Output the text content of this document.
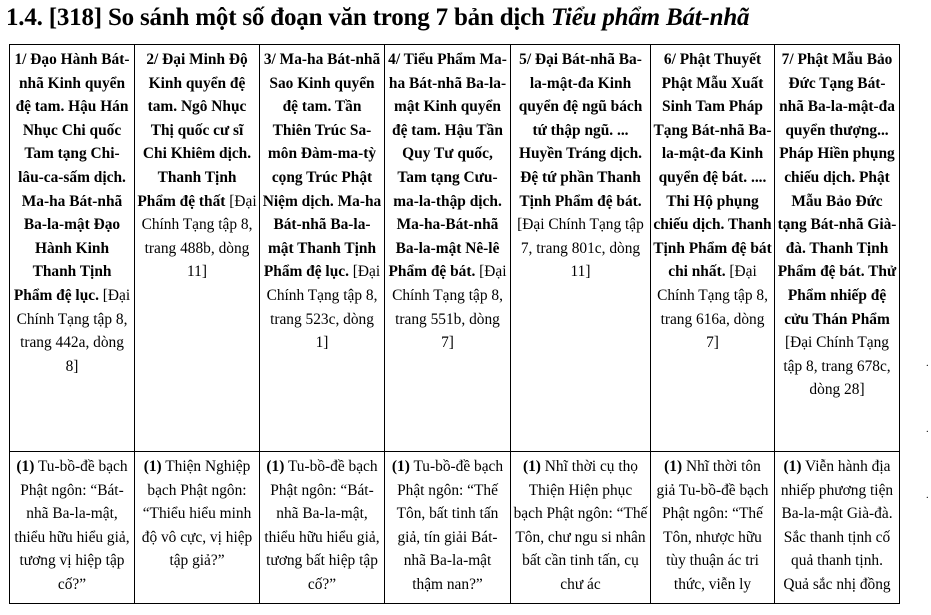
1.4. [318] So sánh một số đoạn văn trong 7 bản dịch Tiểu phẩm Bát-nhã
1/ Đạo Hành Bát-nhã Kinh quyển đệ tam. Hậu Hán Nhục Chi quốc Tam tạng Chi-lâu-ca-sấm dịch. Ma-ha Bát-nhã Ba-la-mật Đạo Hành Kinh Thanh Tịnh Phẩm đệ lục. [Đại Chính Tạng tập 8, trang 442a, dòng 8]	2/ Đại Minh Độ Kinh quyển đệ tam. Ngô Nhục Thị quốc cư sĩ Chi Khiêm dịch. Thanh Tịnh Phẩm đệ thất [Đại Chính Tạng tập 8, trang 488b, dòng 11]	3/ Ma-ha Bát-nhã Sao Kinh quyển đệ tam. Tần Thiên Trúc Sa-môn Đàm-ma-tỳ cọng Trúc Phật Niệm dịch. Ma-ha Bát-nhã Ba-la-mật Thanh Tịnh Phẩm đệ lục. [Đại Chính Tạng tập 8, trang 523c, dòng 1]	4/ Tiểu Phẩm Ma-ha Bát-nhã Ba-la-mật Kinh quyển đệ tam. Hậu Tần Quy Tư quốc, Tam tạng Cưu-ma-la-thập dịch. Ma-ha-Bát-nhã Ba-la-mật Nê-lê Phẩm đệ bát. [Đại Chính Tạng tập 8, trang 551b, dòng 7]	5/ Đại Bát-nhã Ba-la-mật-đa Kinh quyển đệ ngũ bách tứ thập ngũ. ... Huyền Tráng dịch. Đệ tứ phần Thanh Tịnh Phẩm đệ bát. [Đại Chính Tạng tập 7, trang 801c, dòng 11]	6/ Phật Thuyết Phật Mẫu Xuất Sinh Tam Pháp Tạng Bát-nhã Ba-la-mật-đa Kinh quyển đệ bát. .... Thi Hộ phụng chiếu dịch. Thanh Tịnh Phẩm đệ bát chi nhất. [Đại Chính Tạng tập 8, trang 616a, dòng 7]	7/ Phật Mẫu Bảo Đức Tạng Bát-nhã Ba-la-mật-đa quyển thượng... Pháp Hiền phụng chiếu dịch. Phật Mẫu Bảo Đức tạng Bát-nhã Già-đà. Thanh Tịnh Phẩm đệ bát. Thử Phẩm nhiếp đệ cửu Thán Phẩm [Đại Chính Tạng tập 8, trang 678c, dòng 28]
(1) Tu-bồ-đề bạch Phật ngôn: “Bát-nhã Ba-la-mật, thiểu hữu hiểu giả, tương vị hiệp tập cố?”	(1) Thiện Nghiệp bạch Phật ngôn: “Thiểu hiểu minh độ vô cực, vị hiệp tập giả?”	(1) Tu-bồ-đề bạch Phật ngôn: “Bát-nhã Ba-la-mật, thiểu hữu hiểu giả, tương bất hiệp tập cố?”	(1) Tu-bồ-đề bạch Phật ngôn: “Thế Tôn, bất tinh tấn giả, tín giải Bát-nhã Ba-la-mật thậm nan?”	(1) Nhĩ thời cụ thọ Thiện Hiện phục bạch Phật ngôn: “Thế Tôn, chư ngu si nhân bất cần tinh tấn, cụ chư ác	(1) Nhĩ thời tôn giả Tu-bồ-đề bạch Phật ngôn: “Thế Tôn, nhược hữu tùy thuận ác tri thức, viễn ly	(1) Viễn hành địa nhiếp phương tiện Ba-la-mật Già-đà. Sắc thanh tịnh cố quả thanh tịnh. Quả sắc nhị đồng
·
·
·
